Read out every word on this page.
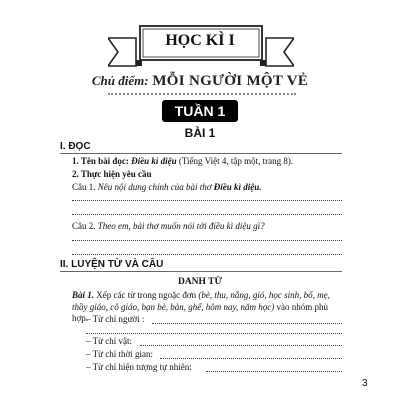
HỌC KÌ I
Chủ điểm: MỖI NGƯỜI MỘT VẺ
TUẦN 1
BÀI 1
I. ĐỌC
1. Tên bài đọc: Điều kì diệu (Tiếng Việt 4, tập một, trang 8).
2. Thực hiện yêu cầu
Câu 1. Nêu nội dung chính của bài thơ Điều kì diệu.
Câu 2. Theo em, bài thơ muốn nói tới điều kì diệu gì?
II. LUYỆN TỪ VÀ CÂU
DANH TỪ
Bài 1. Xếp các từ trong ngoặc đơn (bè, thu, nắng, gió, học sinh, bố, mẹ, thầy giáo, cô giáo, bạn bè, bàn, ghế, hôm nay, năm học) vào nhóm phù hợp.
– Từ chỉ người :
– Từ chỉ vật:
– Từ chỉ thời gian:
– Từ chỉ hiện tượng tự nhiên:
3
